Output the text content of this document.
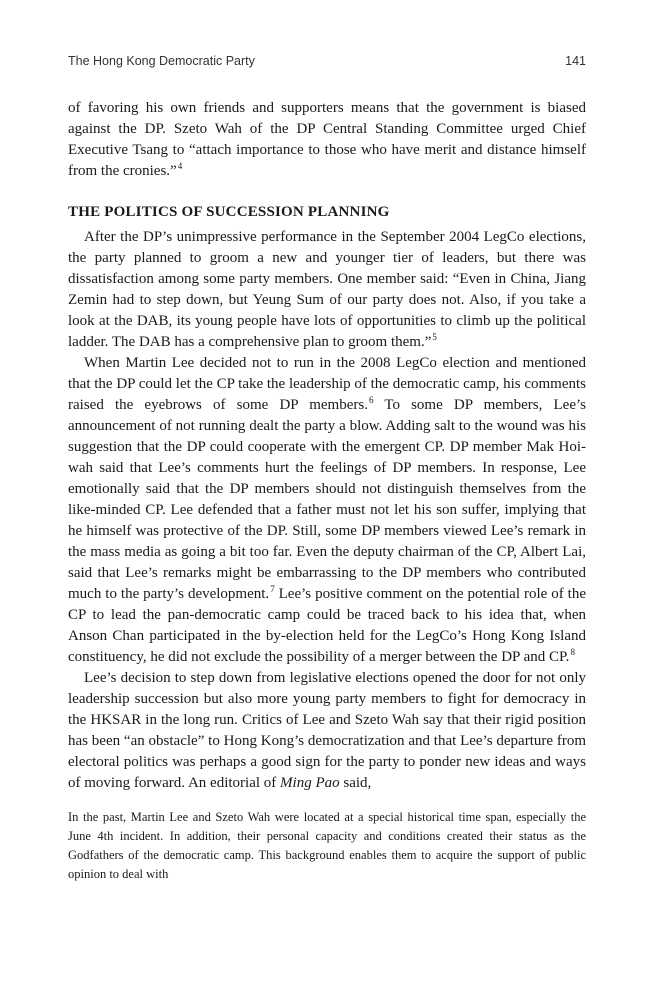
The Hong Kong Democratic Party	141

of favoring his own friends and supporters means that the government is biased against the DP. Szeto Wah of the DP Central Standing Committee urged Chief Executive Tsang to “attach importance to those who have merit and distance himself from the cronies.”$^4$

THE POLITICS OF SUCCESSION PLANNING

After the DP’s unimpressive performance in the September 2004 LegCo elections, the party planned to groom a new and younger tier of leaders, but there was dissatisfaction among some party members. One member said: “Even in China, Jiang Zemin had to step down, but Yeung Sum of our party does not. Also, if you take a look at the DAB, its young people have lots of opportunities to climb up the political ladder. The DAB has a comprehensive plan to groom them.”$^5$

When Martin Lee decided not to run in the 2008 LegCo election and mentioned that the DP could let the CP take the leadership of the democratic camp, his comments raised the eyebrows of some DP members.$^6$ To some DP members, Lee’s announcement of not running dealt the party a blow. Adding salt to the wound was his suggestion that the DP could cooperate with the emergent CP. DP member Mak Hoi-wah said that Lee’s comments hurt the feelings of DP members. In response, Lee emotionally said that the DP members should not distinguish themselves from the like-minded CP. Lee defended that a father must not let his son suffer, implying that he himself was protective of the DP. Still, some DP members viewed Lee’s remark in the mass media as going a bit too far. Even the deputy chairman of the CP, Albert Lai, said that Lee’s remarks might be embarrassing to the DP members who contributed much to the party’s development.$^7$ Lee’s positive comment on the potential role of the CP to lead the pan-democratic camp could be traced back to his idea that, when Anson Chan participated in the by-election held for the LegCo’s Hong Kong Island constituency, he did not exclude the possibility of a merger between the DP and CP.$^8$

Lee’s decision to step down from legislative elections opened the door for not only leadership succession but also more young party members to fight for democracy in the HKSAR in the long run. Critics of Lee and Szeto Wah say that their rigid position has been “an obstacle” to Hong Kong’s democratization and that Lee’s departure from electoral politics was perhaps a good sign for the party to ponder new ideas and ways of moving forward. An editorial of Ming Pao said,

In the past, Martin Lee and Szeto Wah were located at a special historical time span, especially the June 4th incident. In addition, their personal capacity and conditions created their status as the Godfathers of the democratic camp. This background enables them to acquire the support of public opinion to deal with
